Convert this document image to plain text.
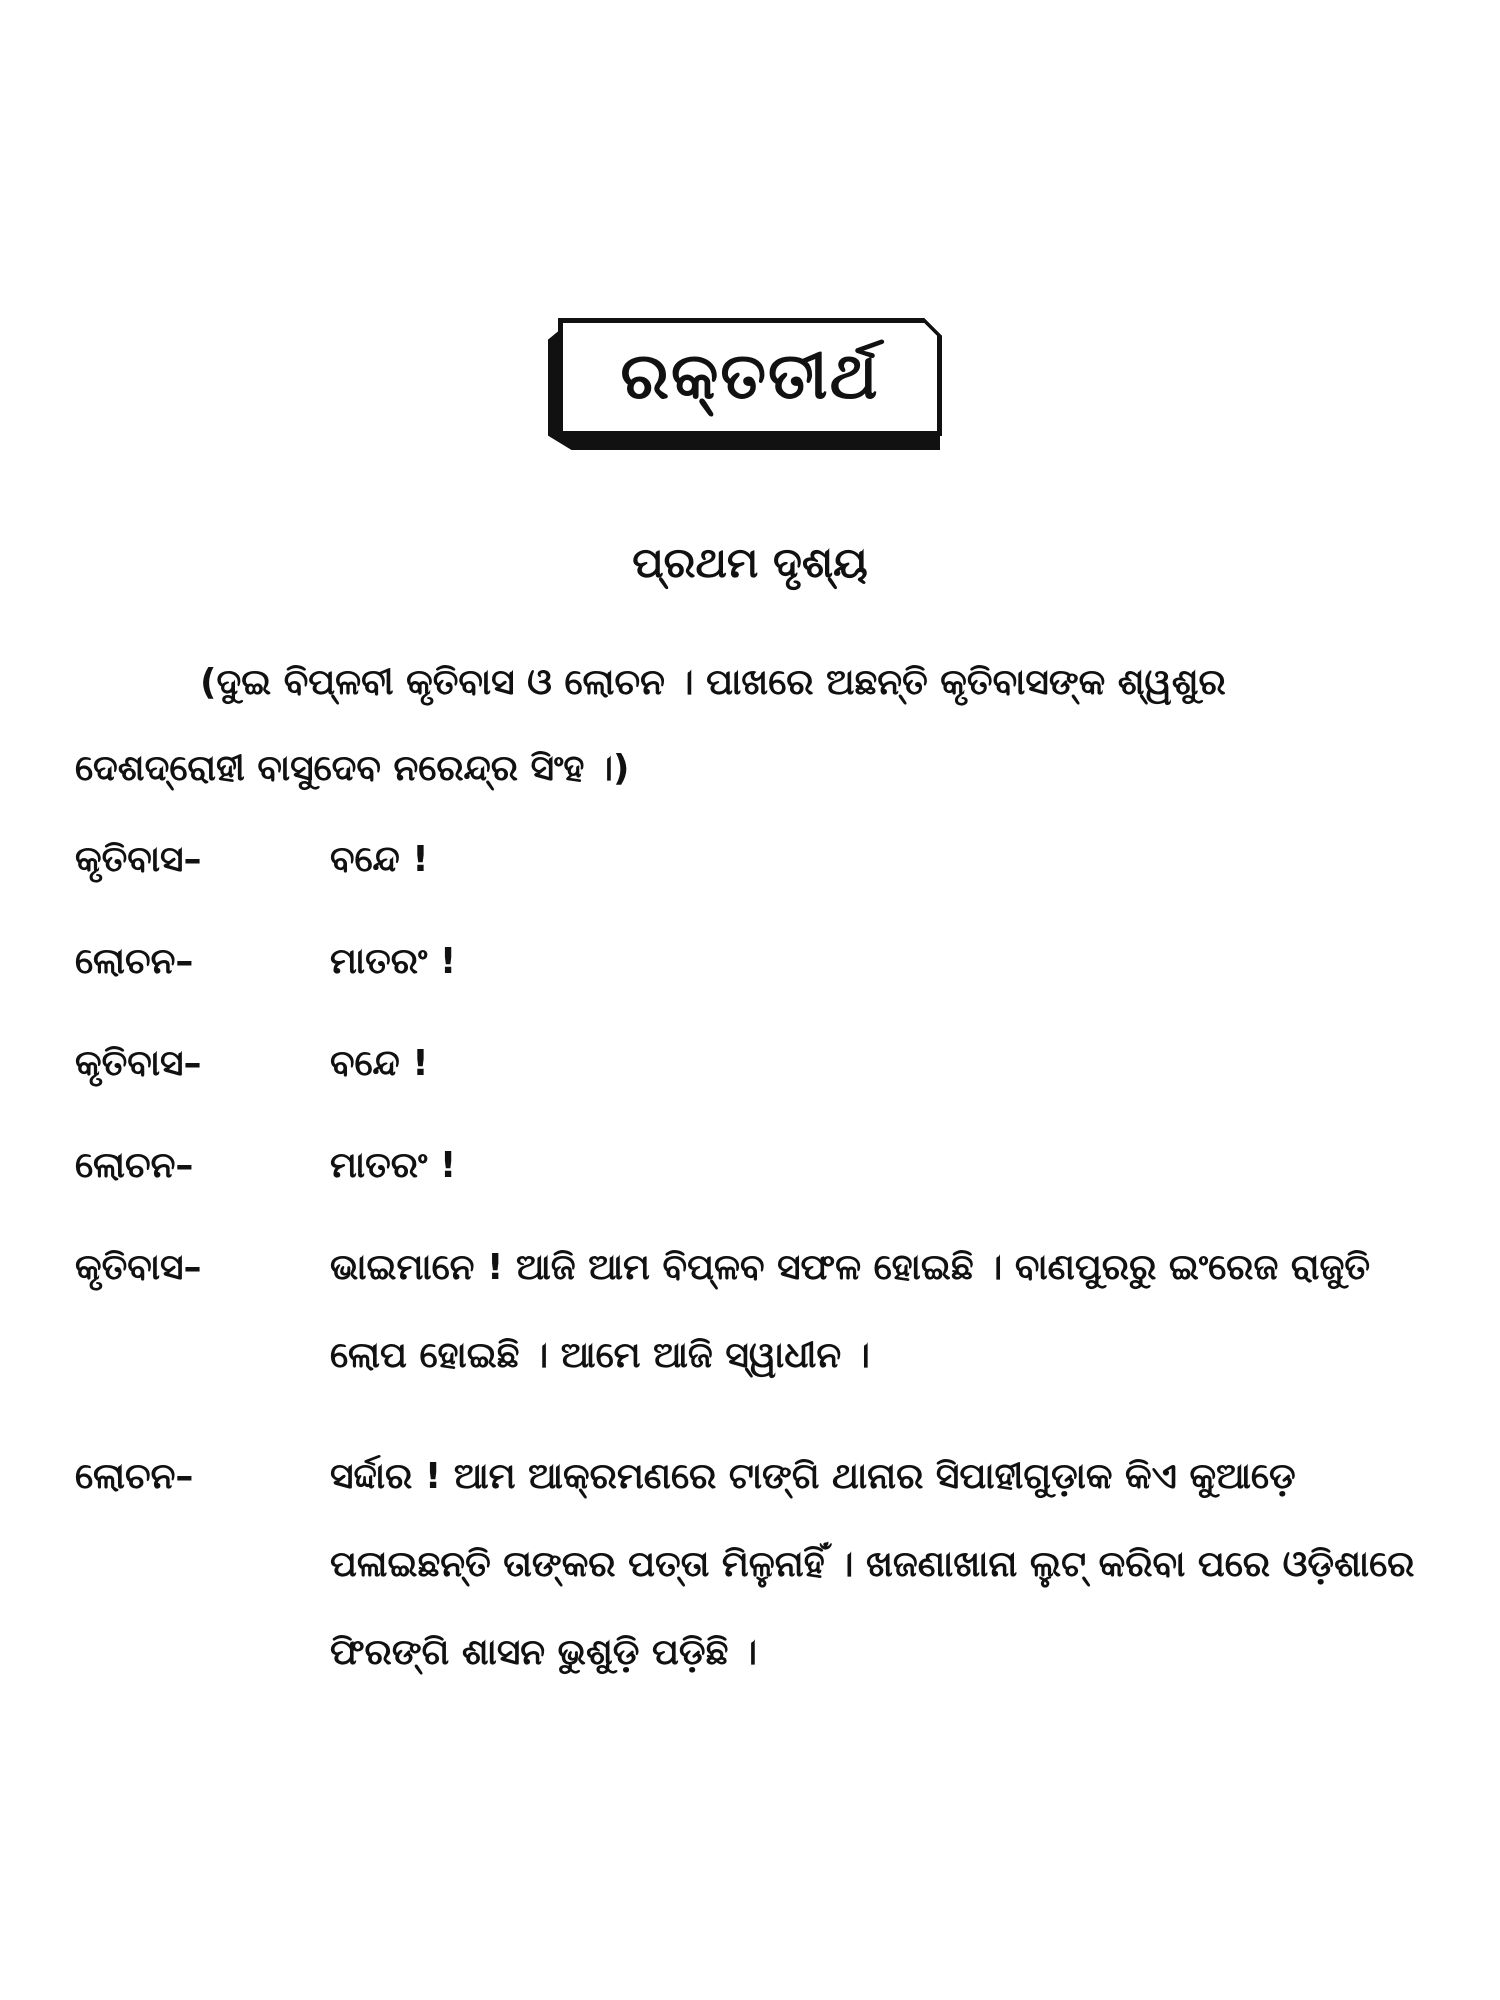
ରକ୍ତତୀର୍ଥ
ପ୍ରଥମ ଦୃଶ୍ୟ
(ଦୁଇ ବିପ୍ଳବୀ କୃତିବାସ ଓ ଲୋଚନ । ପାଖରେ ଅଛନ୍ତି କୃତିବାସଙ୍କ ଶ୍ୱଶୁର
ଦେଶଦ୍ରୋହୀ ବାସୁଦେବ ନରେନ୍ଦ୍ର ସିଂହ ।)
କୃତିବାସ–	ବନ୍ଦେ !
ଲୋଚନ–	ମାତରଂ !
କୃତିବାସ–	ବନ୍ଦେ !
ଲୋଚନ–	ମାତରଂ !
କୃତିବାସ–	ଭାଇମାନେ ! ଆଜି ଆମ ବିପ୍ଳବ ସଫଳ ହୋଇଛି । ବାଣପୁରରୁ ଇଂରେଜ ରାଜୁତି ଲୋପ ହୋଇଛି । ଆମେ ଆଜି ସ୍ୱାଧୀନ ।
ଲୋଚନ–	ସର୍ଦ୍ଦାର ! ଆମ ଆକ୍ରମଣରେ ଟାଙ୍ଗି ଥାନାର ସିପାହୀଗୁଡ଼ାକ କିଏ କୁଆଡ଼େ ପଳାଇଛନ୍ତି ତାଙ୍କର ପତ୍ତା ମିଳୁନାହିଁ । ଖଜଣାଖାନା ଲୁଟ୍ କରିବା ପରେ ଓଡ଼ିଶାରେ ଫିରଙ୍ଗି ଶାସନ ଭୁଶୁଡ଼ି ପଡ଼ିଛି ।
